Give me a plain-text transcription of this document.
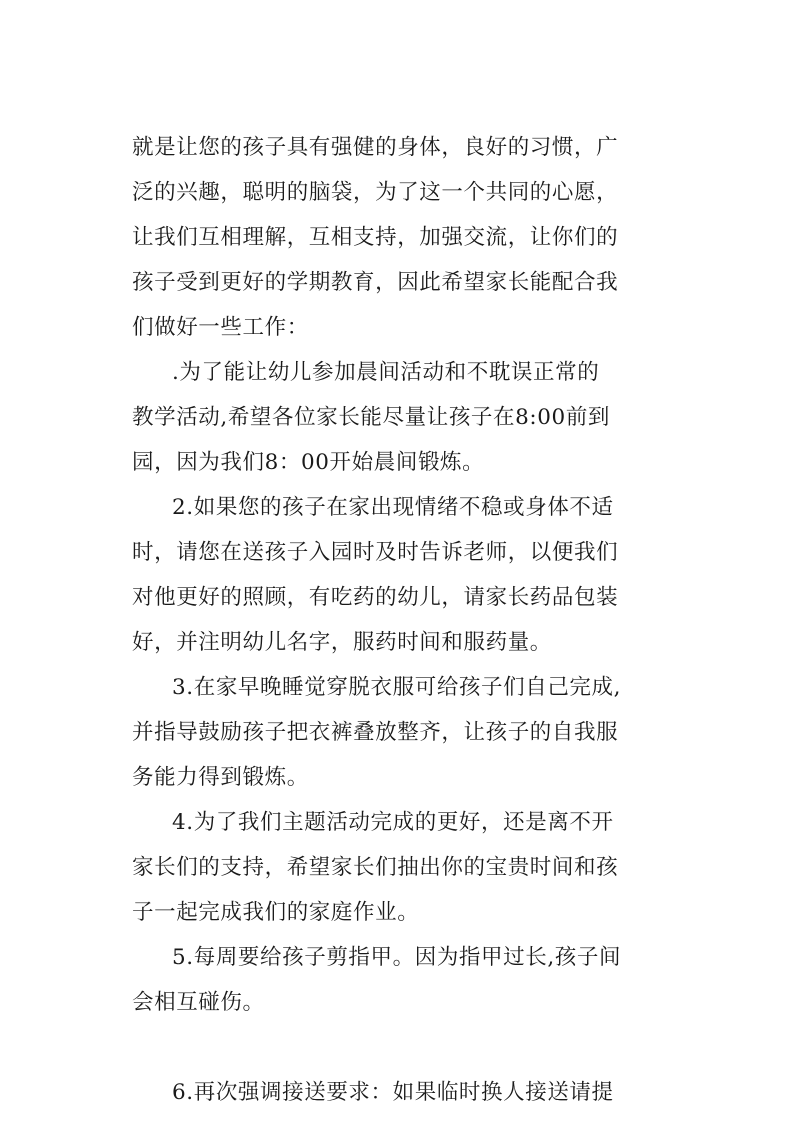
就是让您的孩子具有强健的身体，良好的习惯，广
泛的兴趣，聪明的脑袋，为了这一个共同的心愿，
让我们互相理解，互相支持，加强交流，让你们的
孩子受到更好的学期教育，因此希望家长能配合我
们做好一些工作：
.为了能让幼儿参加晨间活动和不耽误正常的
教学活动,希望各位家长能尽量让孩子在8:00前到
园，因为我们8：00开始晨间锻炼。
2.如果您的孩子在家出现情绪不稳或身体不适
时，请您在送孩子入园时及时告诉老师，以便我们
对他更好的照顾，有吃药的幼儿，请家长药品包装
好，并注明幼儿名字，服药时间和服药量。
3.在家早晚睡觉穿脱衣服可给孩子们自己完成,
并指导鼓励孩子把衣裤叠放整齐，让孩子的自我服
务能力得到锻炼。
4.为了我们主题活动完成的更好，还是离不开
家长们的支持，希望家长们抽出你的宝贵时间和孩
子一起完成我们的家庭作业。
5.每周要给孩子剪指甲。因为指甲过长,孩子间
会相互碰伤。
6.再次强调接送要求：如果临时换人接送请提
